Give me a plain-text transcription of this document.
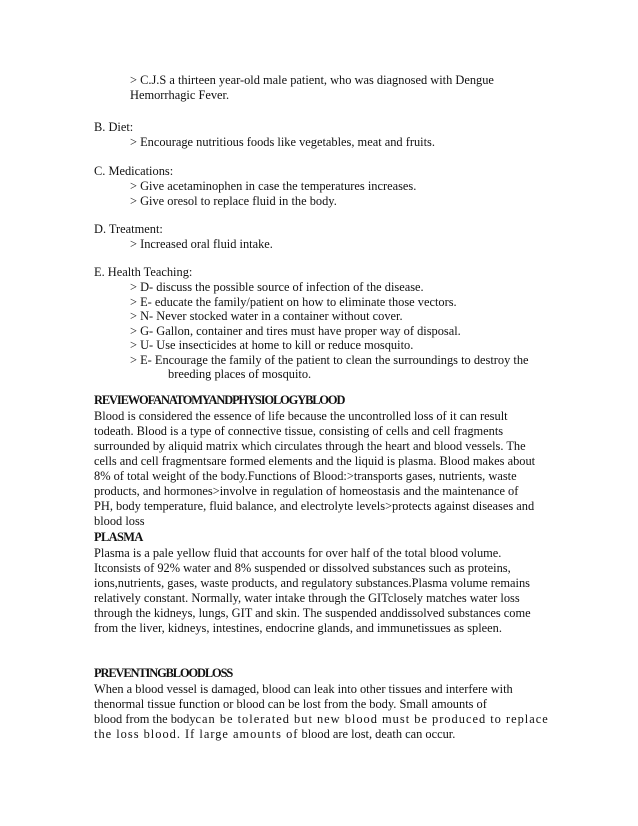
> C.J.S a thirteen year-old male patient, who was diagnosed with Dengue
Hemorrhagic Fever.
B. Diet:
> Encourage nutritious foods like vegetables, meat and fruits.
C. Medications:
> Give acetaminophen in case the temperatures increases.
> Give oresol to replace fluid in the body.
D. Treatment:
> Increased oral fluid intake.
E. Health Teaching:
> D- discuss the possible source of infection of the disease.
> E- educate the family/patient on how to eliminate those vectors.
> N- Never stocked water in a container without cover.
> G- Gallon, container and tires must have proper way of disposal.
> U- Use insecticides at home to kill or reduce mosquito.
> E- Encourage the family of the patient to clean the surroundings to destroy the
breeding places of mosquito.
REVIEWOFANATOMYANDPHYSIOLOGYBLOOD
Blood is considered the essence of life because the uncontrolled loss of it can result
todeath. Blood is a type of connective tissue, consisting of cells and cell fragments
surrounded by aliquid matrix which circulates through the heart and blood vessels. The
cells and cell fragmentsare formed elements and the liquid is plasma. Blood makes about
8% of total weight of the body.Functions of Blood:>transports gases, nutrients, waste
products, and hormones>involve in regulation of homeostasis and the maintenance of
PH, body temperature, fluid balance, and electrolyte levels>protects against diseases and
blood loss
PLASMA
Plasma is a pale yellow fluid that accounts for over half of the total blood volume.
Itconsists of 92% water and 8% suspended or dissolved substances such as proteins,
ions,nutrients, gases, waste products, and regulatory substances.Plasma volume remains
relatively constant. Normally, water intake through the GITclosely matches water loss
through the kidneys, lungs, GIT and skin. The suspended anddissolved substances come
from the liver, kidneys, intestines, endocrine glands, and immunetissues as spleen.
PREVENTINGBLOODLOSS
When a blood vessel is damaged, blood can leak into other tissues and interfere with
thenormal tissue function or blood can be lost from the body. Small amounts of
blood from the bodycan be tolerated but new blood must be produced to replace
the loss blood. If large amounts of blood are lost, death can occur.
